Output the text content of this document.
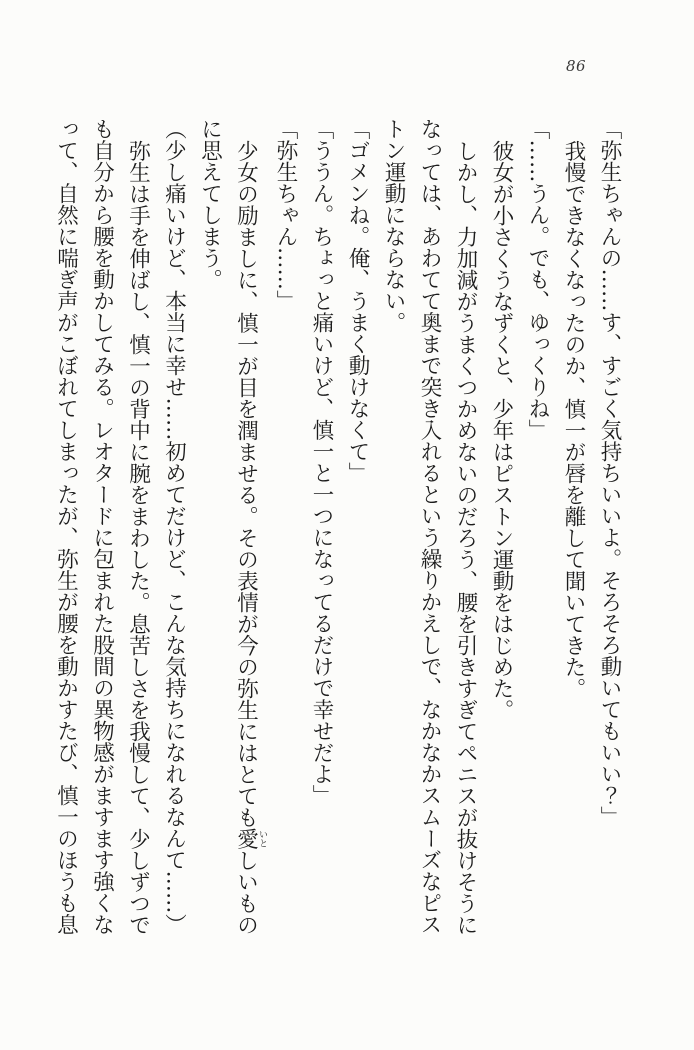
86

「弥生ちゃんの……す、すごく気持ちいいよ。そろそろ動いてもいい？」

我慢できなくなったのか、慎一が唇を離して聞いてきた。

「……うん。でも、ゆっくりね」

彼女が小さくうなずくと、少年はピストン運動をはじめた。

しかし、力加減がうまくつかめないのだろう、腰を引きすぎてペニスが抜けそうになっては、あわてて奥まで突き入れるという繰りかえしで、なかなかスムーズなピストン運動にならない。

「ゴメンね。俺、うまく動けなくて」

「ううん。ちょっと痛いけど、慎一と一つになってるだけで幸せだよ」

「弥生ちゃん……」

少女の励ましに、慎一が目を潤ませる。その表情が今の弥生にはとても愛いとしいものに思えてしまう。

（少し痛いけど、本当に幸せ……初めてだけど、こんな気持ちになれるなんて……）

弥生は手を伸ばし、慎一の背中に腕をまわした。息苦しさを我慢して、少しずつでも自分から腰を動かしてみる。レオタードに包まれた股間の異物感がますます強くなって、自然に喘ぎ声がこぼれてしまったが、弥生が腰を動かすたび、慎一のほうも息
